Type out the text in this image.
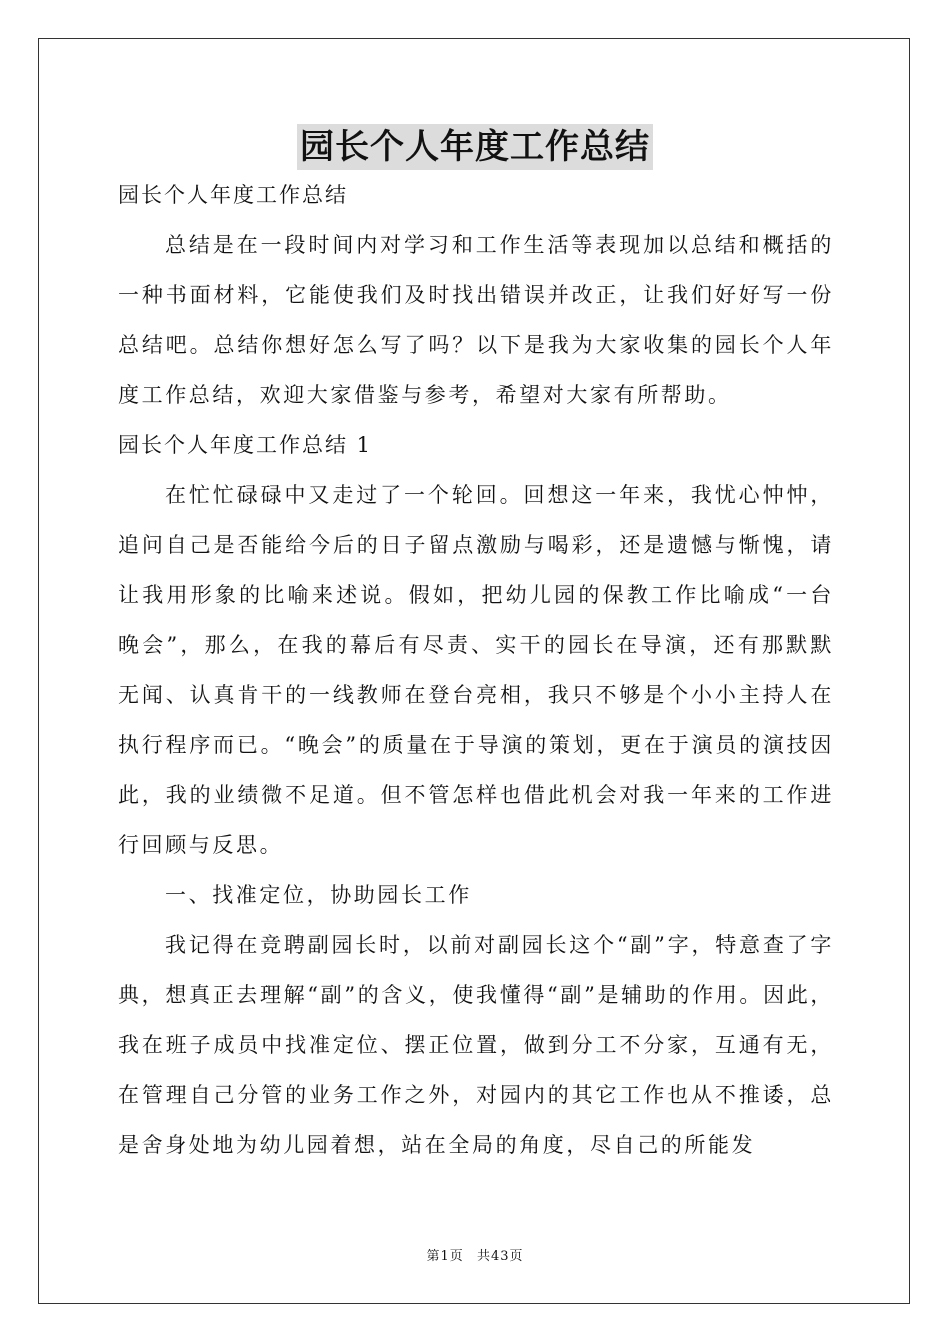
园长个人年度工作总结
园长个人年度工作总结
总结是在一段时间内对学习和工作生活等表现加以总结和概括的一种书面材料，它能使我们及时找出错误并改正，让我们好好写一份总结吧。总结你想好怎么写了吗？以下是我为大家收集的园长个人年度工作总结，欢迎大家借鉴与参考，希望对大家有所帮助。
园长个人年度工作总结 1
在忙忙碌碌中又走过了一个轮回。回想这一年来，我忧心忡忡，追问自己是否能给今后的日子留点激励与喝彩，还是遗憾与惭愧，请让我用形象的比喻来述说。假如，把幼儿园的保教工作比喻成“一台晚会”，那么，在我的幕后有尽责、实干的园长在导演，还有那默默无闻、认真肯干的一线教师在登台亮相，我只不够是个小小主持人在执行程序而已。“晚会”的质量在于导演的策划，更在于演员的演技因此，我的业绩微不足道。但不管怎样也借此机会对我一年来的工作进行回顾与反思。
一、找准定位，协助园长工作
我记得在竞聘副园长时，以前对副园长这个“副”字，特意查了字典，想真正去理解“副”的含义，使我懂得“副”是辅助的作用。因此，我在班子成员中找准定位、摆正位置，做到分工不分家，互通有无，在管理自己分管的业务工作之外，对园内的其它工作也从不推诿，总是舍身处地为幼儿园着想，站在全局的角度，尽自己的所能发
第1页 共43页
